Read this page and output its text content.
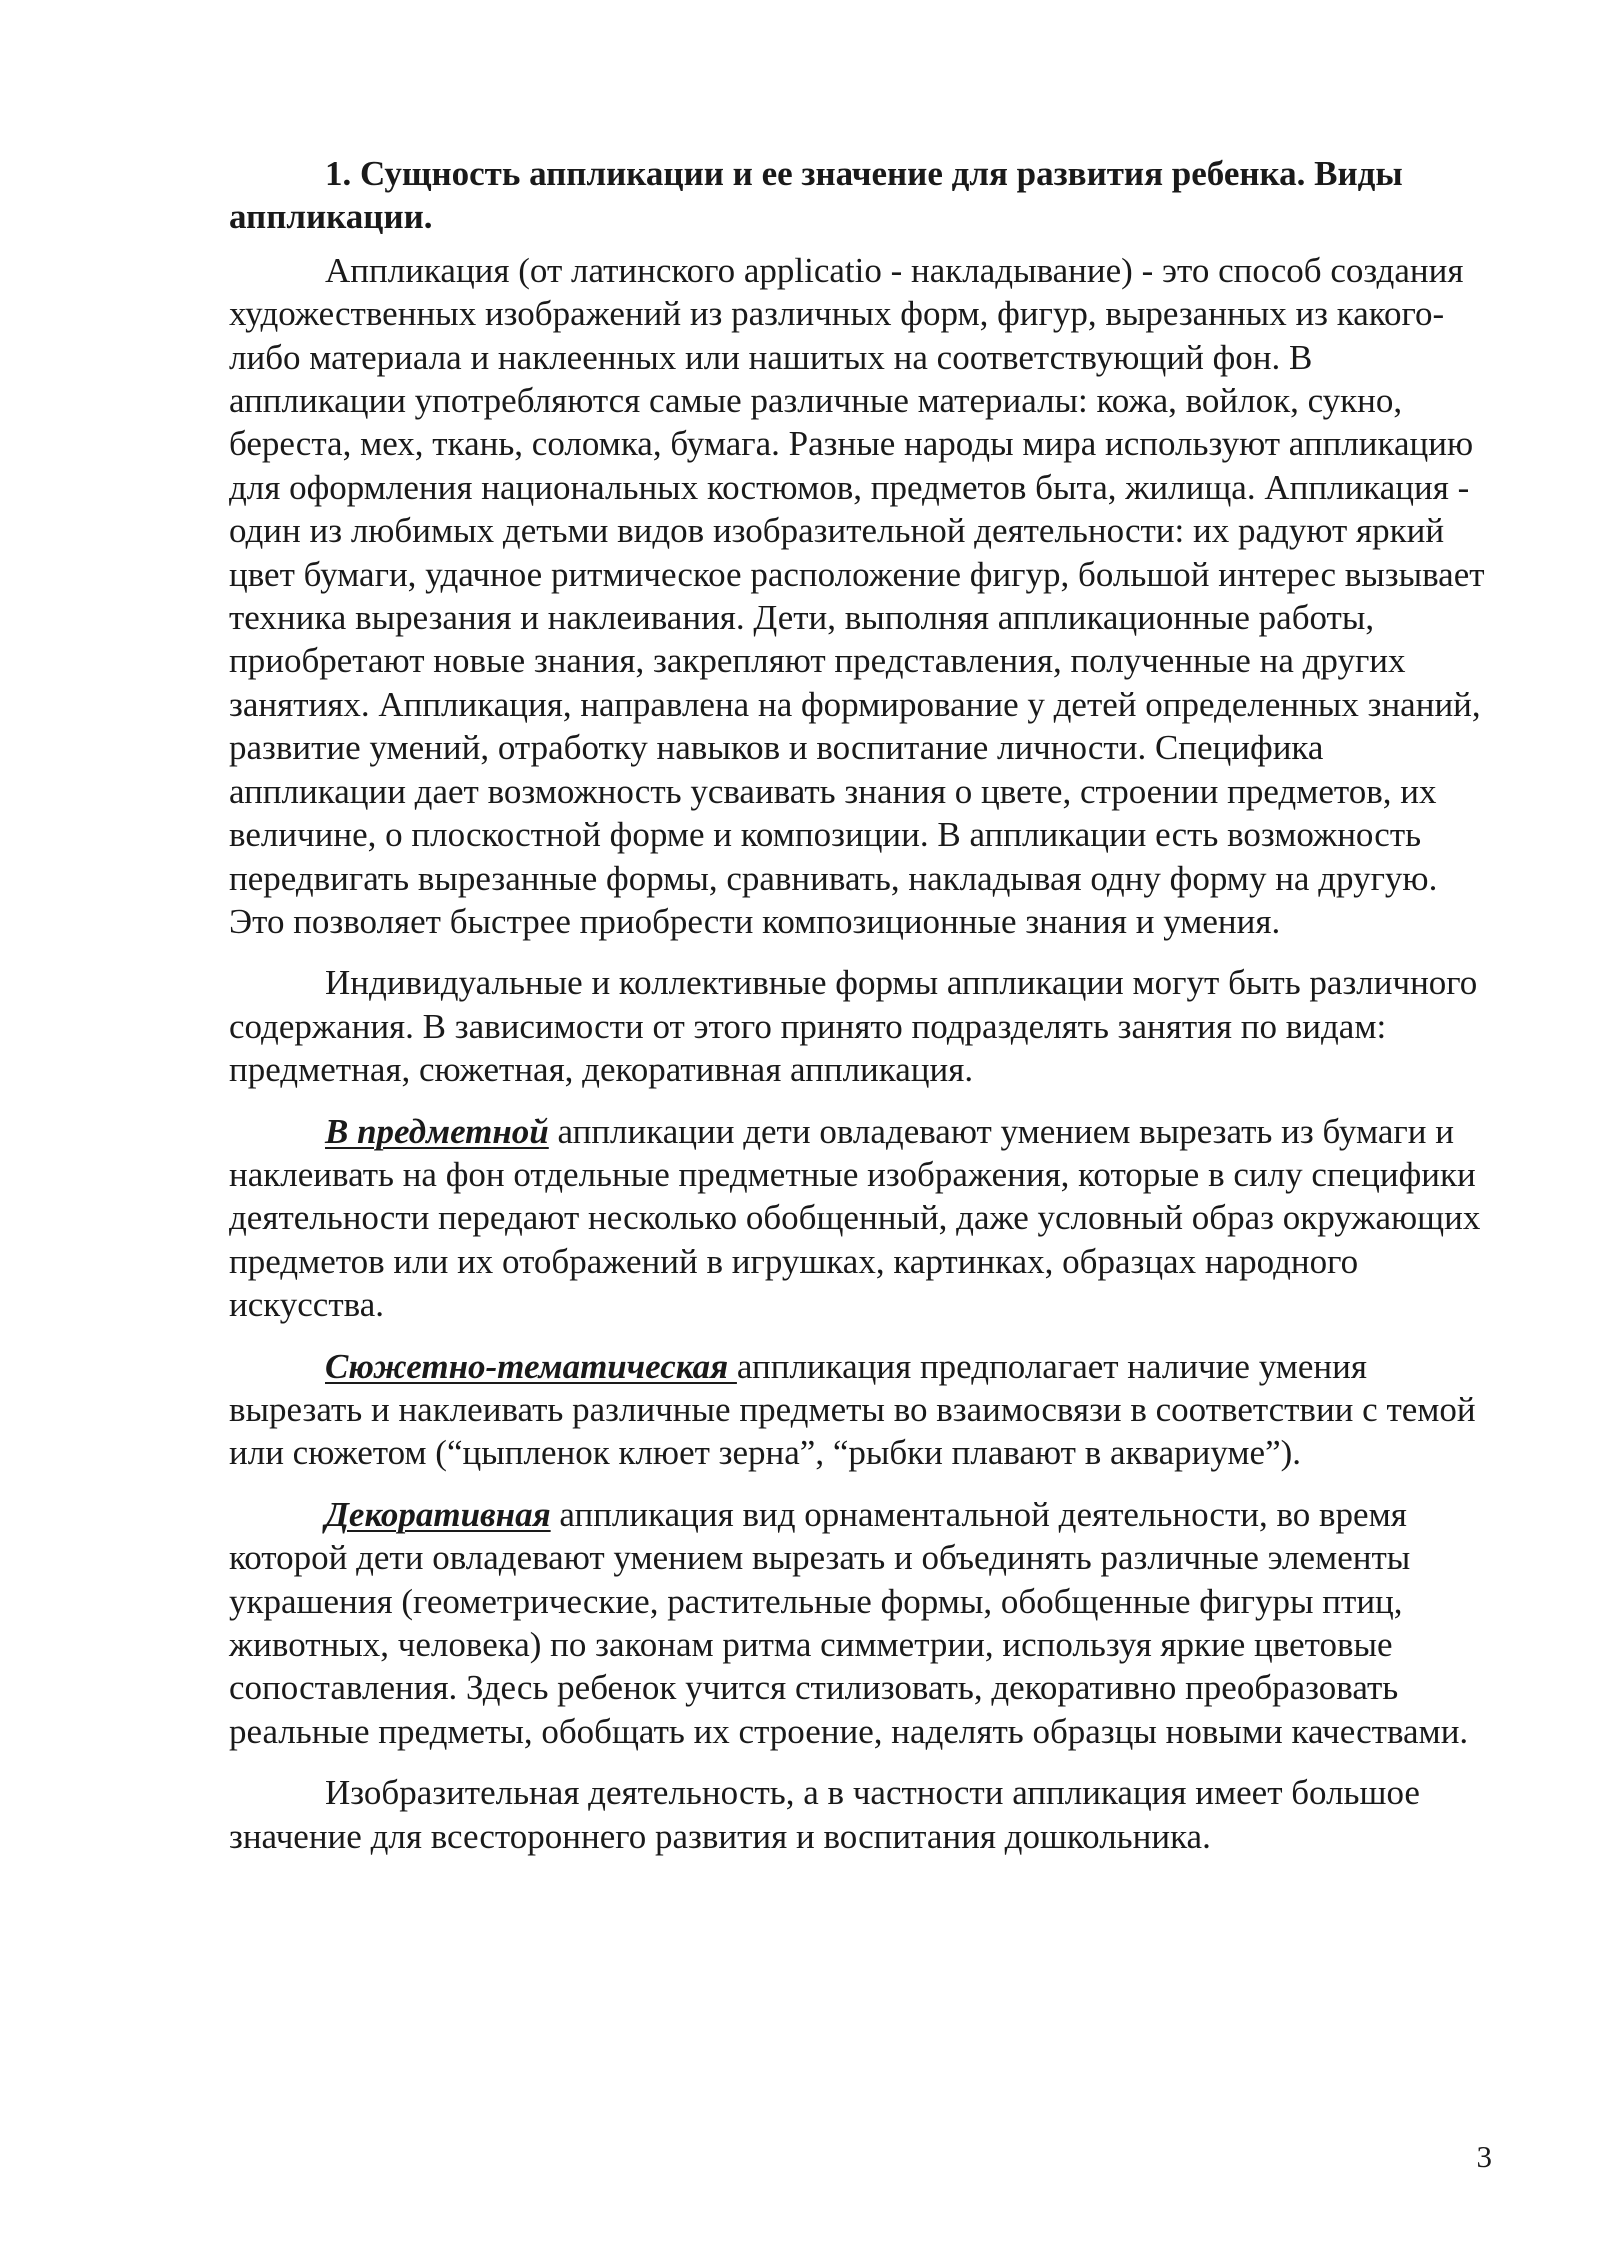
1. Сущность аппликации и ее значение для развития ребенка. Виды аппликации.

Аппликация (от латинского applicatio - накладывание) - это способ создания художественных изображений из различных форм, фигур, вырезанных из какого-либо материала и наклеенных или нашитых на соответствующий фон. В аппликации употребляются самые различные материалы: кожа, войлок, сукно, береста, мех, ткань, соломка, бумага. Разные народы мира используют аппликацию для оформления национальных костюмов, предметов быта, жилища. Аппликация - один из любимых детьми видов изобразительной деятельности: их радуют яркий цвет бумаги, удачное ритмическое расположение фигур, большой интерес вызывает техника вырезания и наклеивания. Дети, выполняя аппликационные работы, приобретают новые знания, закрепляют представления, полученные на других занятиях. Аппликация, направлена на формирование у детей определенных знаний, развитие умений, отработку навыков и воспитание личности. Специфика аппликации дает возможность усваивать знания о цвете, строении предметов, их величине, о плоскостной форме и композиции. В аппликации есть возможность передвигать вырезанные формы, сравнивать, накладывая одну форму на другую. Это позволяет быстрее приобрести композиционные знания и умения.

Индивидуальные и коллективные формы аппликации могут быть различного содержания. В зависимости от этого принято подразделять занятия по видам: предметная, сюжетная, декоративная аппликация.

В предметной аппликации дети овладевают умением вырезать из бумаги и наклеивать на фон отдельные предметные изображения, которые в силу специфики деятельности передают несколько обобщенный, даже условный образ окружающих предметов или их отображений в игрушках, картинках, образцах народного искусства.

Сюжетно-тематическая аппликация предполагает наличие умения вырезать и наклеивать различные предметы во взаимосвязи в соответствии с темой или сюжетом (“цыпленок клюет зерна”, “рыбки плавают в аквариуме”).

Декоративная аппликация вид орнаментальной деятельности, во время которой дети овладевают умением вырезать и объединять различные элементы украшения (геометрические, растительные формы, обобщенные фигуры птиц, животных, человека) по законам ритма симметрии, используя яркие цветовые сопоставления. Здесь ребенок учится стилизовать, декоративно преобразовать реальные предметы, обобщать их строение, наделять образцы новыми качествами.

Изобразительная деятельность, а в частности аппликация имеет большое значение для всестороннего развития и воспитания дошкольника.

3
